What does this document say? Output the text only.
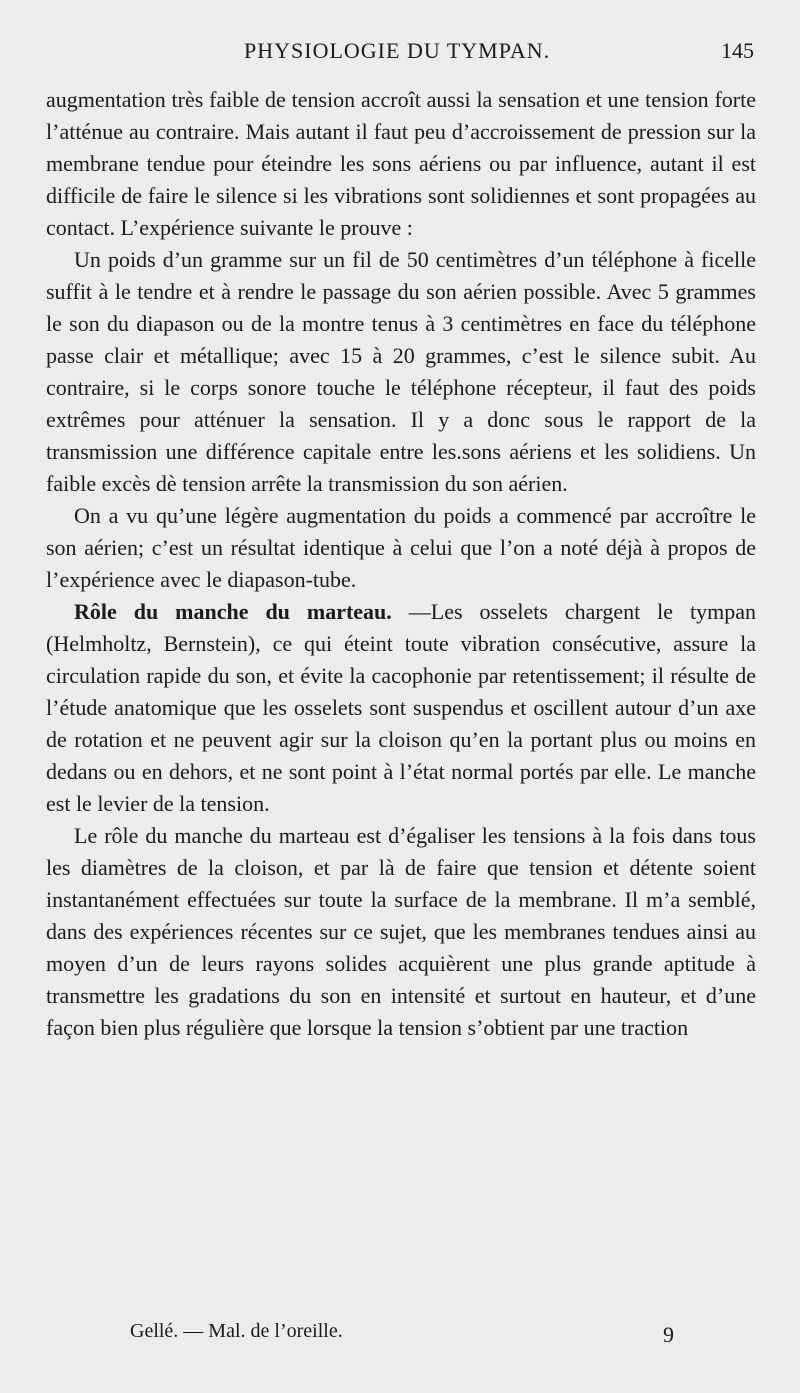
PHYSIOLOGIE DU TYMPAN.	145

augmentation très faible de tension accroît aussi la sensation et une tension forte l’atténue au contraire. Mais autant il faut peu d’accroissement de pression sur la membrane tendue pour éteindre les sons aériens ou par influence, autant il est difficile de faire le silence si les vibrations sont solidiennes et sont propagées au contact. L’expérience suivante le prouve :

Un poids d’un gramme sur un fil de 50 centimètres d’un téléphone à ficelle suffit à le tendre et à rendre le passage du son aérien possible. Avec 5 grammes le son du diapason ou de la montre tenus à 3 centimètres en face du téléphone passe clair et métallique; avec 15 à 20 grammes, c’est le silence subit. Au contraire, si le corps sonore touche le téléphone récepteur, il faut des poids extrêmes pour atténuer la sensation. Il y a donc sous le rapport de la transmission une différence capitale entre les.sons aériens et les solidiens. Un faible excès dè tension arrête la transmission du son aérien.

On a vu qu’une légère augmentation du poids a commencé par accroître le son aérien; c’est un résultat identique à celui que l’on a noté déjà à propos de l’expérience avec le diapason-tube.

Rôle du manche du marteau. —Les osselets chargent le tympan (Helmholtz, Bernstein), ce qui éteint toute vibration consécutive, assure la circulation rapide du son, et évite la cacophonie par retentissement; il résulte de l’étude anatomique que les osselets sont suspendus et oscillent autour d’un axe de rotation et ne peuvent agir sur la cloison qu’en la portant plus ou moins en dedans ou en dehors, et ne sont point à l’état normal portés par elle. Le manche est le levier de la tension.

Le rôle du manche du marteau est d’égaliser les tensions à la fois dans tous les diamètres de la cloison, et par là de faire que tension et détente soient instantanément effectuées sur toute la surface de la membrane. Il m’a semblé, dans des expériences récentes sur ce sujet, que les membranes tendues ainsi au moyen d’un de leurs rayons solides acquièrent une plus grande aptitude à transmettre les gradations du son en intensité et surtout en hauteur, et d’une façon bien plus régulière que lorsque la tension s’obtient par une traction

Gellé. — Mal. de l’oreille.	9
